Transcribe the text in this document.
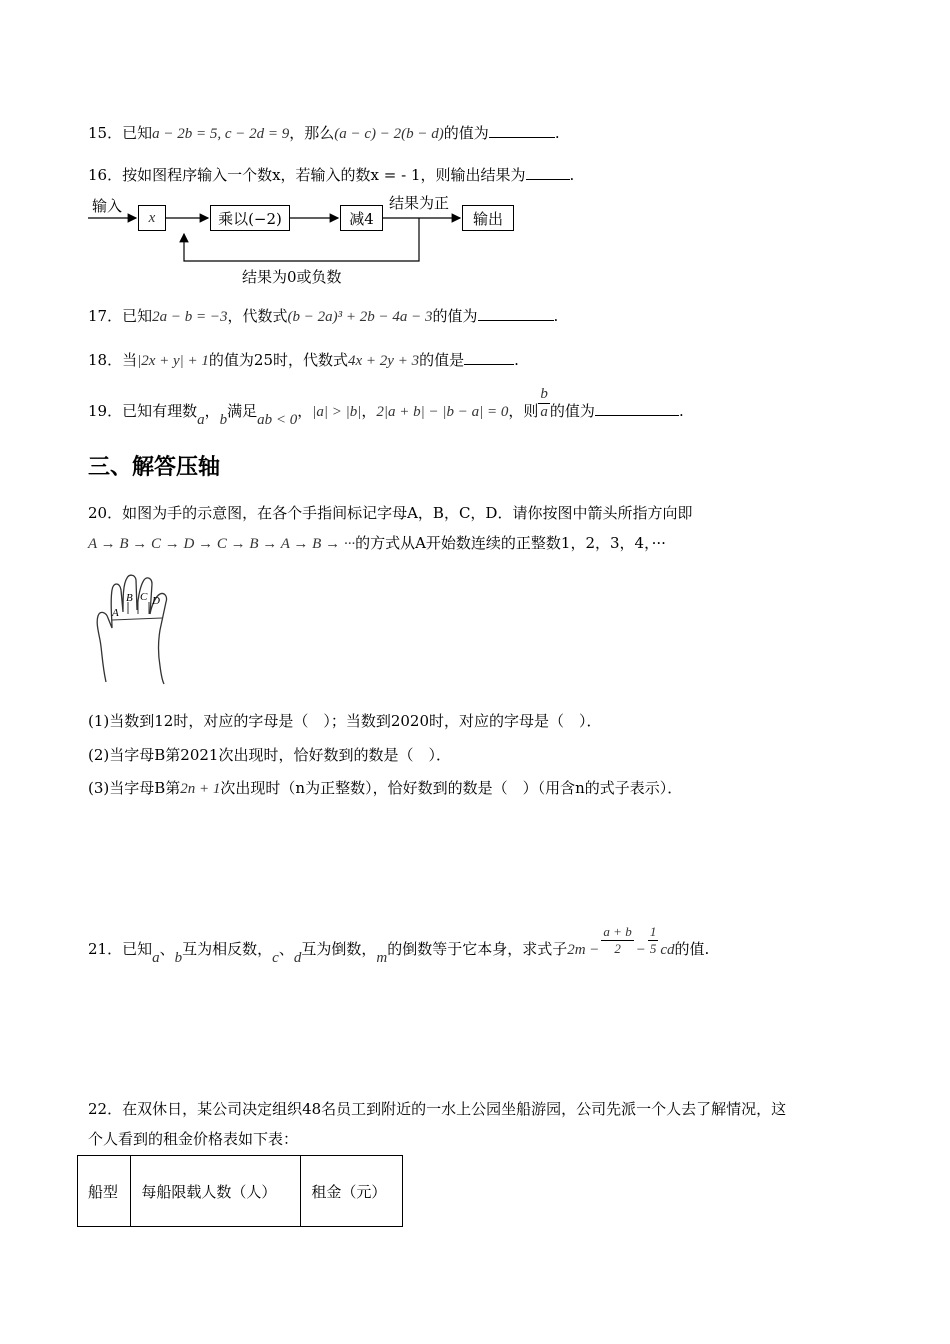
15．已知a − 2b = 5, c − 2d = 9，那么(a − c) − 2(b − d)的值为	.
16．按如图程序输入一个数x，若输入的数x = - 1，则输出结果为	.
输入
x	乘以(−2)	减4
结果为正
输出
结果为0或负数
17．已知2a − b = −3，代数式(b − 2a)³ + 2b − 4a − 3的值为	.
18．当|2x + y| + 1的值为25时，代数式4x + 2y + 3的值是	.
19．已知有理数a，b满足ab < 0，|a| > |b|，2|a + b| − |b − a| = 0，则 $\frac{b}{a}$ 的值为	.
三、解答压轴
20．如图为手的示意图，在各个手指间标记字母A，B，C，D．请你按图中箭头所指方向即
A → B → C → D → C → B → A → B → ···的方式从A开始数连续的正整数1，2，3，4，···
A
B C D
(1)当数到12时，对应的字母是（　）；当数到2020时，对应的字母是（　）．
(2)当字母B第2021次出现时，恰好数到的数是（　）．
(3)当字母B第2n + 1次出现时（n为正整数），恰好数到的数是（　）（用含n的式子表示）．
21．已知a、b互为相反数，c、d互为倒数，m的倒数等于它本身，求式子$2m - \frac{a + b}{2} - \frac{1}{5}$ cd的值.
22．在双休日，某公司决定组织48名员工到附近的一水上公园坐船游园，公司先派一个人去了解情况，这
个人看到的租金价格表如下表：
船型	每船限载人数（人）	租金（元）
